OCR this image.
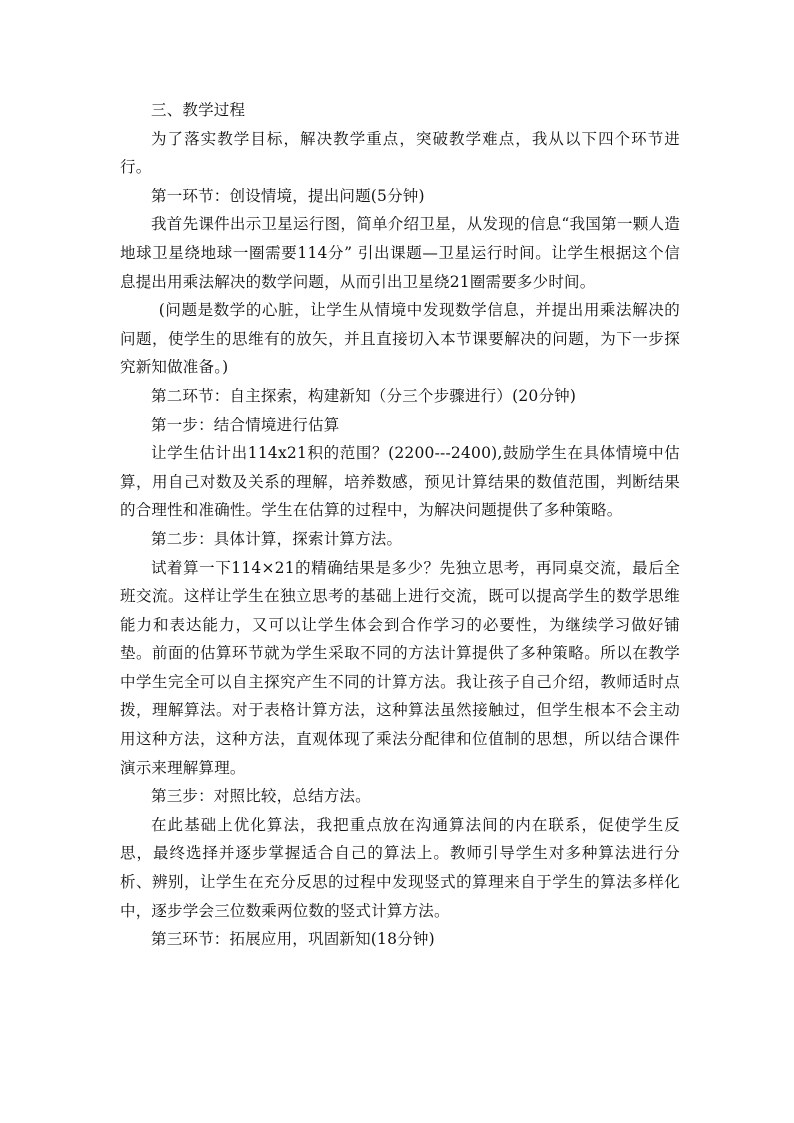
三、教学过程

为了落实教学目标，解决教学重点，突破教学难点，我从以下四个环节进行。

第一环节：创设情境，提出问题(5分钟)

我首先课件出示卫星运行图，简单介绍卫星，从发现的信息“我国第一颗人造地球卫星绕地球一圈需要114分” 引出课题—卫星运行时间。让学生根据这个信息提出用乘法解决的数学问题，从而引出卫星绕21圈需要多少时间。

(问题是数学的心脏，让学生从情境中发现数学信息，并提出用乘法解决的问题，使学生的思维有的放矢，并且直接切入本节课要解决的问题，为下一步探究新知做准备。)

第二环节：自主探索，构建新知（分三个步骤进行）(20分钟)

第一步：结合情境进行估算

让学生估计出114x21积的范围？(2200---2400),鼓励学生在具体情境中估算，用自己对数及关系的理解，培养数感，预见计算结果的数值范围，判断结果的合理性和准确性。学生在估算的过程中，为解决问题提供了多种策略。

第二步：具体计算，探索计算方法。

试着算一下114×21的精确结果是多少？先独立思考，再同桌交流，最后全班交流。这样让学生在独立思考的基础上进行交流，既可以提高学生的数学思维能力和表达能力，又可以让学生体会到合作学习的必要性，为继续学习做好铺垫。前面的估算环节就为学生采取不同的方法计算提供了多种策略。所以在教学中学生完全可以自主探究产生不同的计算方法。我让孩子自己介绍，教师适时点拨，理解算法。对于表格计算方法，这种算法虽然接触过，但学生根本不会主动用这种方法，这种方法，直观体现了乘法分配律和位值制的思想，所以结合课件演示来理解算理。

第三步：对照比较，总结方法。

在此基础上优化算法，我把重点放在沟通算法间的内在联系，促使学生反思，最终选择并逐步掌握适合自己的算法上。教师引导学生对多种算法进行分析、辨别，让学生在充分反思的过程中发现竖式的算理来自于学生的算法多样化中，逐步学会三位数乘两位数的竖式计算方法。

第三环节：拓展应用，巩固新知(18分钟)
